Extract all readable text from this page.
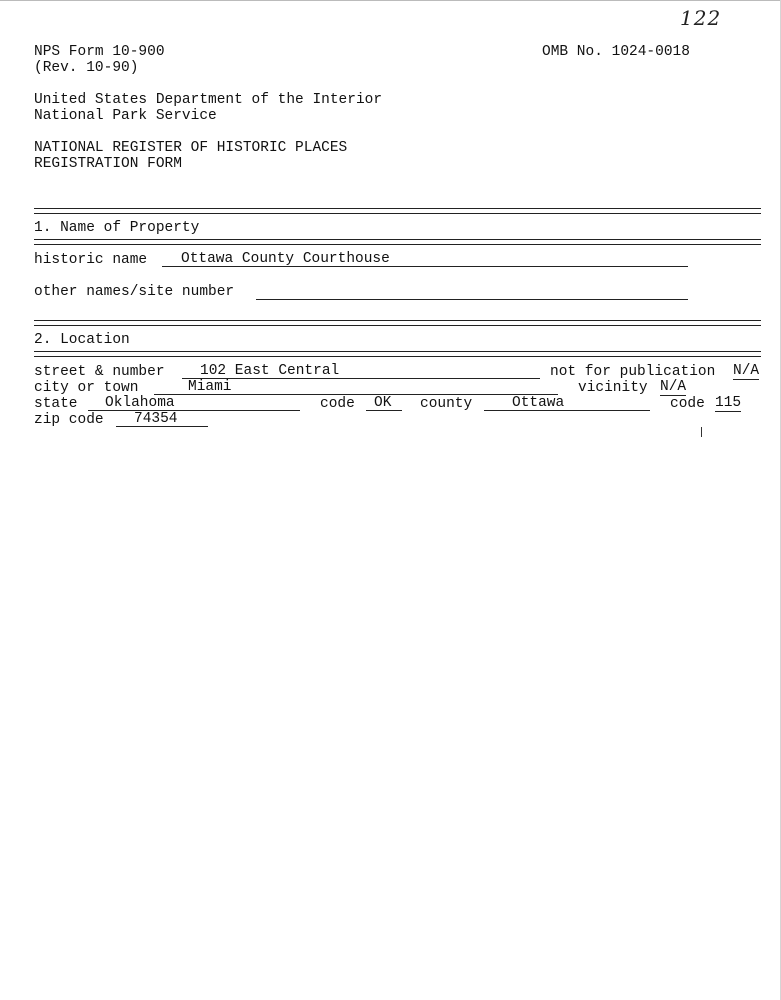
122
NPS Form 10-900	OMB No. 1024-0018
(Rev. 10-90)
United States Department of the Interior
National Park Service
NATIONAL REGISTER OF HISTORIC PLACES
REGISTRATION FORM
1. Name of Property
historic name	Ottawa County Courthouse
other names/site number
2. Location
street & number	102 East Central	not for publication N/A
city or town	Miami	vicinity N/A
state	Oklahoma	code	OK	county	Ottawa	code 115
zip code	74354
